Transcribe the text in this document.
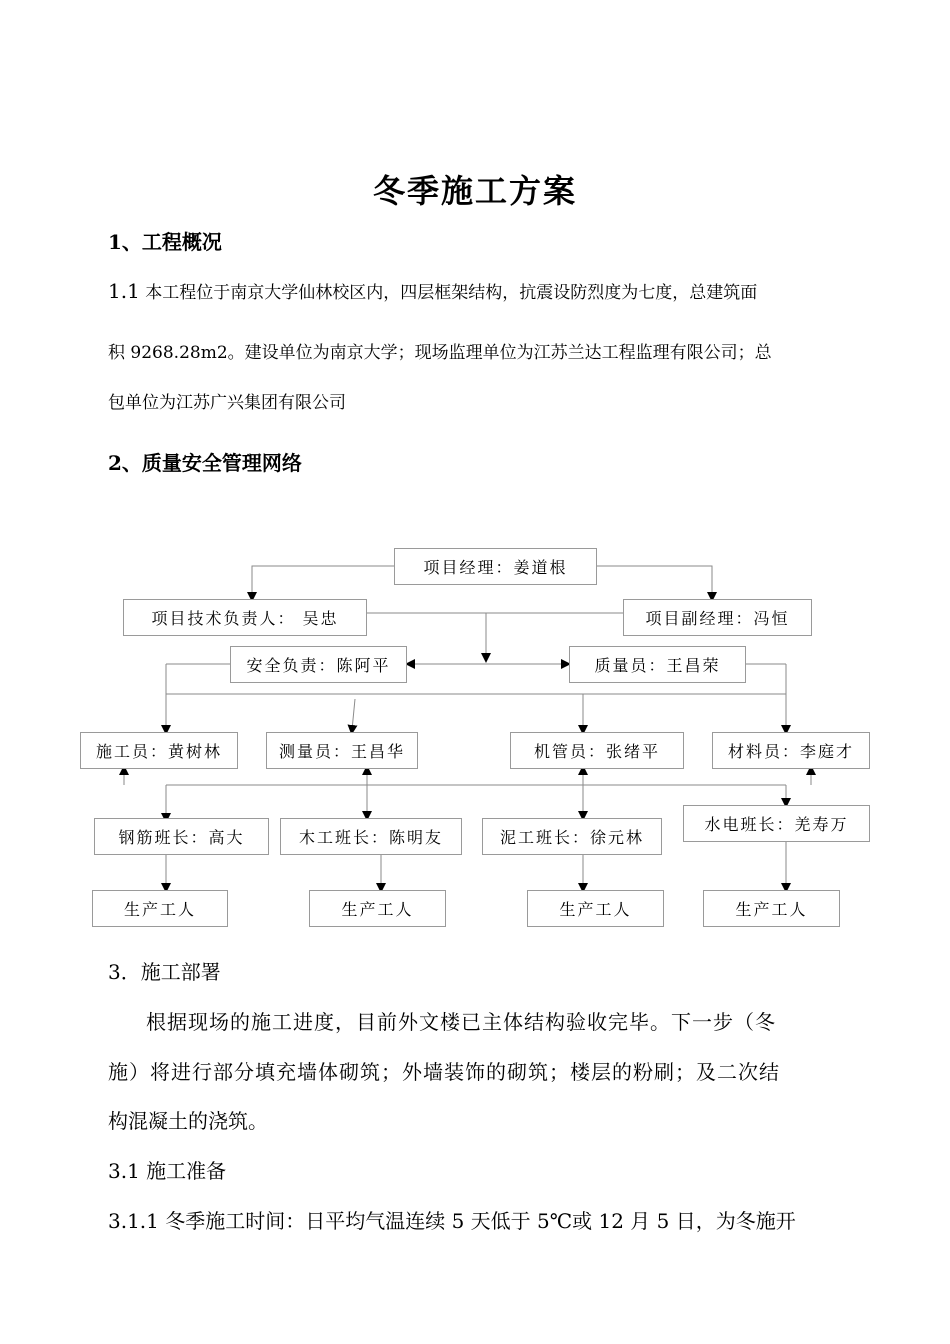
冬季施工方案
1、工程概况
1.1 本工程位于南京大学仙林校区内，四层框架结构，抗震设防烈度为七度，总建筑面
积 9268.28m2。建设单位为南京大学；现场监理单位为江苏兰达工程监理有限公司；总
包单位为江苏广兴集团有限公司
2、质量安全管理网络
项目经理：姜道根
项目技术负责人： 吴忠	项目副经理：冯恒
安全负责：陈阿平	质量员：王昌荣
施工员：黄树林	测量员：王昌华	机管员：张绪平	材料员：李庭才
钢筋班长：高大	木工班长：陈明友	泥工班长：徐元林
水电班长：羌寿万
生产工人	生产工人	生产工人	生产工人
3．施工部署
根据现场的施工进度，目前外文楼已主体结构验收完毕。下一步（冬
施）将进行部分填充墙体砌筑；外墙装饰的砌筑；楼层的粉刷；及二次结
构混凝土的浇筑。
3.1 施工准备
3.1.1 冬季施工时间：日平均气温连续 5 天低于 5℃或 12 月 5 日，为冬施开
